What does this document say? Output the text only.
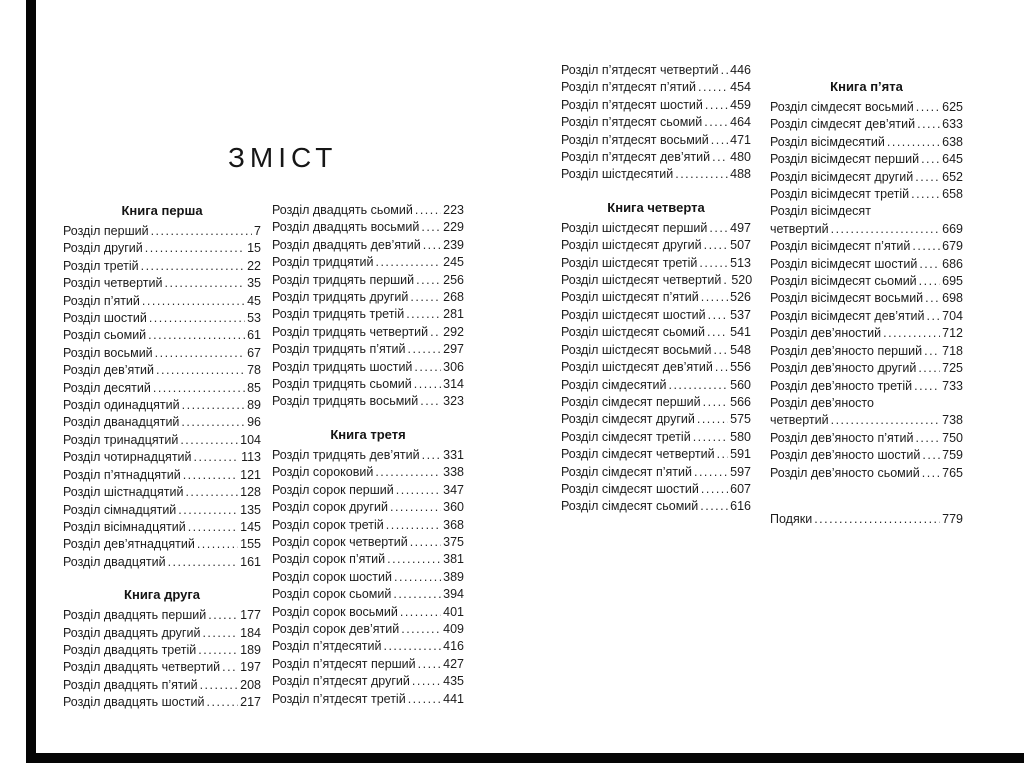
ЗМІСТ
Книга перша
Розділ перший .....	7
Розділ другий .....	15
Розділ третій .....	22
Розділ четвертий .....	35
Розділ п’ятий .....	45
Розділ шостий .....	53
Розділ сьомий .....	61
Розділ восьмий .....	67
Розділ дев’ятий .....	78
Розділ десятий .....	85
Розділ одинадцятий .....	89
Розділ дванадцятий .....	96
Розділ тринадцятий .....	104
Розділ чотирнадцятий .....	113
Розділ п’ятнадцятий .....	121
Розділ шістнадцятий .....	128
Розділ сімнадцятий .....	135
Розділ вісімнадцятий .....	145
Розділ дев’ятнадцятий .....	155
Розділ двадцятий .....	161
Книга друга
Розділ двадцять перший .....	177
Розділ двадцять другий .....	184
Розділ двадцять третій .....	189
Розділ двадцять четвертий ..... 197
Розділ двадцять п’ятий .....	208
Розділ двадцять шостий .....	217
Розділ двадцять сьомий ..... 223
Розділ двадцять восьмий ..... 229
Розділ двадцять дев’ятий ..... 239
Розділ тридцятий .....	245
Розділ тридцять перший ..... 256
Розділ тридцять другий .....	268
Розділ тридцять третій .....	281
Розділ тридцять четвертий ..... 292
Розділ тридцять п’ятий .....	297
Розділ тридцять шостий ..... 306
Розділ тридцять сьомий .....	314
Розділ тридцять восьмий ..... 323
Книга третя
Розділ тридцять дев’ятий ..... 331
Розділ сороковий .....	338
Розділ сорок перший .....	347
Розділ сорок другий .....	360
Розділ сорок третій .....	368
Розділ сорок четвертий .....	375
Розділ сорок п’ятий .....	381
Розділ сорок шостий .....	389
Розділ сорок сьомий .....	394
Розділ сорок восьмий .....	401
Розділ сорок дев’ятий .....	409
Розділ п’ятдесятий .....	416
Розділ п’ятдесят перший ..... 427
Розділ п’ятдесят другий .....	435
Розділ п’ятдесят третій .....	441
Розділ п’ятдесят четвертий ..... 446
Розділ п’ятдесят п’ятий .....	454
Розділ п’ятдесят шостий ..... 459
Розділ п’ятдесят сьомий ..... 464
Розділ п’ятдесят восьмий ..... 471
Розділ п’ятдесят дев’ятий ..... 480
Розділ шістдесятий .....	488
Книга четверта
Розділ шістдесят перший ..... 497
Розділ шістдесят другий ..... 507
Розділ шістдесят третій .....	513
Розділ шістдесят четвертий ..... 520
Розділ шістдесят п’ятий .....	526
Розділ шістдесят шостий ..... 537
Розділ шістдесят сьомий ..... 541
Розділ шістдесят восьмий ..... 548
Розділ шістдесят дев’ятий ..... 556
Розділ сімдесятий .....	560
Розділ сімдесят перший ..... 566
Розділ сімдесят другий .....	575
Розділ сімдесят третій .....	580
Розділ сімдесят четвертий ..... 591
Розділ сімдесят п’ятий .....	597
Розділ сімдесят шостий ..... 607
Розділ сімдесят сьомий .....	616
Книга п’ята
Розділ сімдесят восьмий ..... 625
Розділ сімдесят дев’ятий ..... 633
Розділ вісімдесятий .....	638
Розділ вісімдесят перший ..... 645
Розділ вісімдесят другий ..... 652
Розділ вісімдесят третій .....	658
Розділ вісімдесят
четвертий .....	669
Розділ вісімдесят п’ятий .....	679
Розділ вісімдесят шостий ..... 686
Розділ вісімдесят сьомий ..... 695
Розділ вісімдесят восьмий ..... 698
Розділ вісімдесят дев’ятий ..... 704
Розділ дев’яностий .....	712
Розділ дев’яносто перший ..... 718
Розділ дев’яносто другий ..... 725
Розділ дев’яносто третій ..... 733
Розділ дев’яносто
четвертий .....	738
Розділ дев’яносто п’ятий ..... 750
Розділ дев’яносто шостий ..... 759
Розділ дев’яносто сьомий ..... 765
Подяки .....	779
